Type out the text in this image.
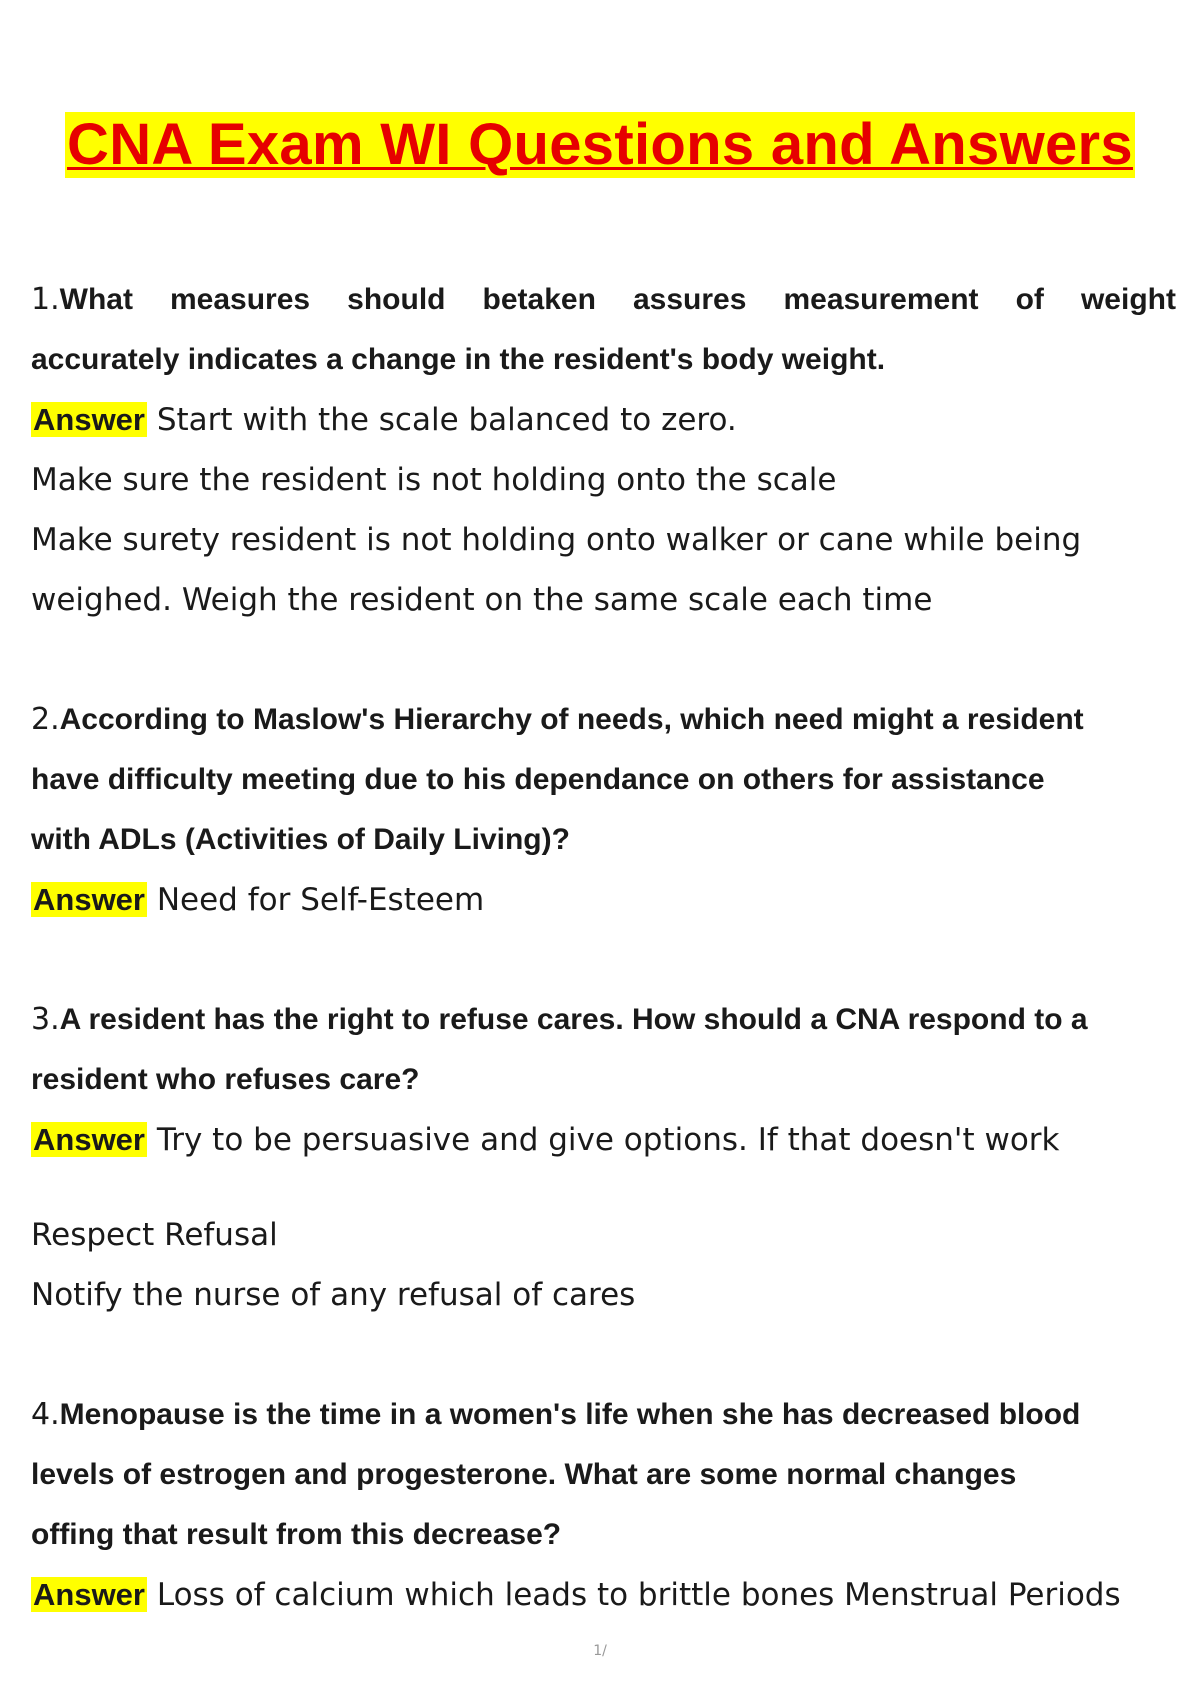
CNA Exam WI Questions and Answers
1.What measures should betaken assures measurement of weight
accurately indicates a change in the resident's body weight.
Answer Start with the scale balanced to zero.
Make sure the resident is not holding onto the scale
Make surety resident is not holding onto walker or cane while being
weighed. Weigh the resident on the same scale each time
2.According to Maslow's Hierarchy of needs, which need might a resident
have difficulty meeting due to his dependance on others for assistance
with ADLs (Activities of Daily Living)?
Answer Need for Self-Esteem
3.A resident has the right to refuse cares. How should a CNA respond to a
resident who refuses care?
Answer Try to be persuasive and give options. If that doesn't work
Respect Refusal
Notify the nurse of any refusal of cares
4.Menopause is the time in a women's life when she has decreased blood
levels of estrogen and progesterone. What are some normal changes
offing that result from this decrease?
Answer Loss of calcium which leads to brittle bones Menstrual Periods
1/
